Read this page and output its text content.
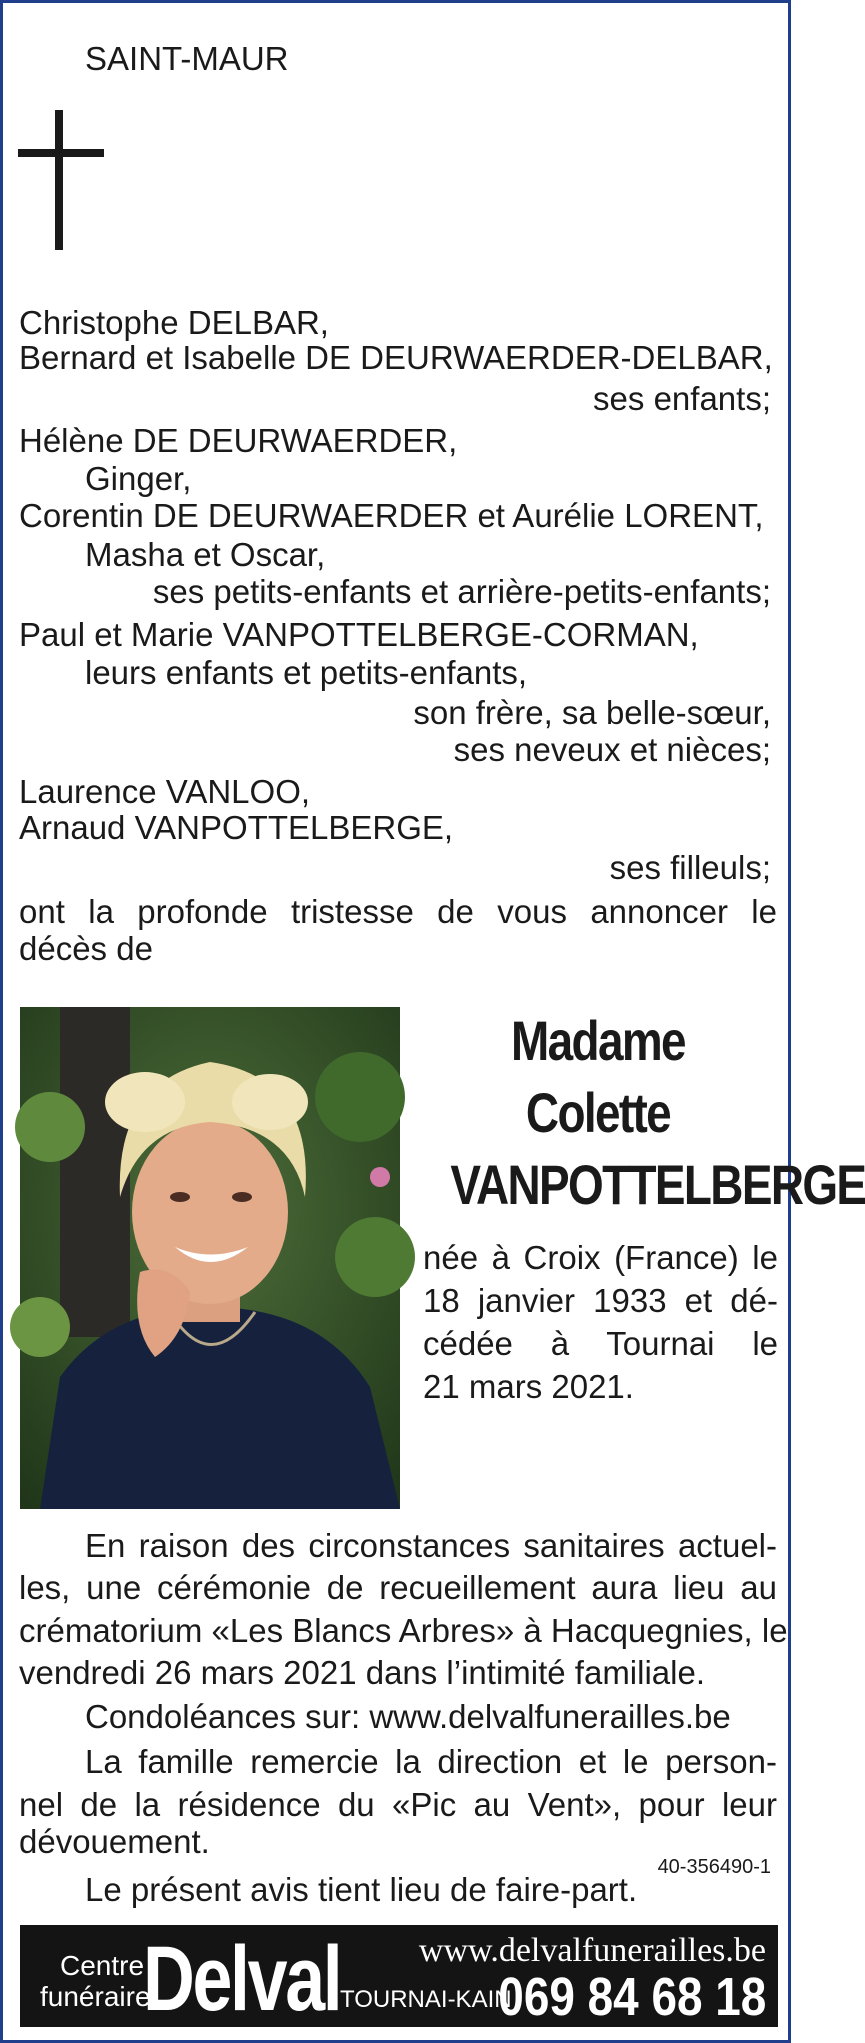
SAINT-MAUR
Christophe DELBAR,
Bernard et Isabelle DE DEURWAERDER-DELBAR,
ses enfants;
Hélène DE DEURWAERDER,
Ginger,
Corentin DE DEURWAERDER et Aurélie LORENT,
Masha et Oscar,
ses petits-enfants et arrière-petits-enfants;
Paul et Marie VANPOTTELBERGE-CORMAN,
leurs enfants et petits-enfants,
son frère, sa belle-sœur,
ses neveux et nièces;
Laurence VANLOO,
Arnaud VANPOTTELBERGE,
ses filleuls;
ont la profonde tristesse de vous annoncer le
décès de
Madame
Colette
VANPOTTELBERGE
née à Croix (France) le
18 janvier 1933 et dé-
cédée à Tournai le
21 mars 2021.
En raison des circonstances sanitaires actuel-
les, une cérémonie de recueillement aura lieu au
crématorium «Les Blancs Arbres» à Hacquegnies, le
vendredi 26 mars 2021 dans l’intimité familiale.
Condoléances sur: www.delvalfunerailles.be
La famille remercie la direction et le person-
nel de la résidence du «Pic au Vent», pour leur
dévouement.
Le présent avis tient lieu de faire-part.
40-356490-1
Centre
funéraire
Delval www.delvalfunerailles.be
TOURNAI-KAIN
069 84 68 18
